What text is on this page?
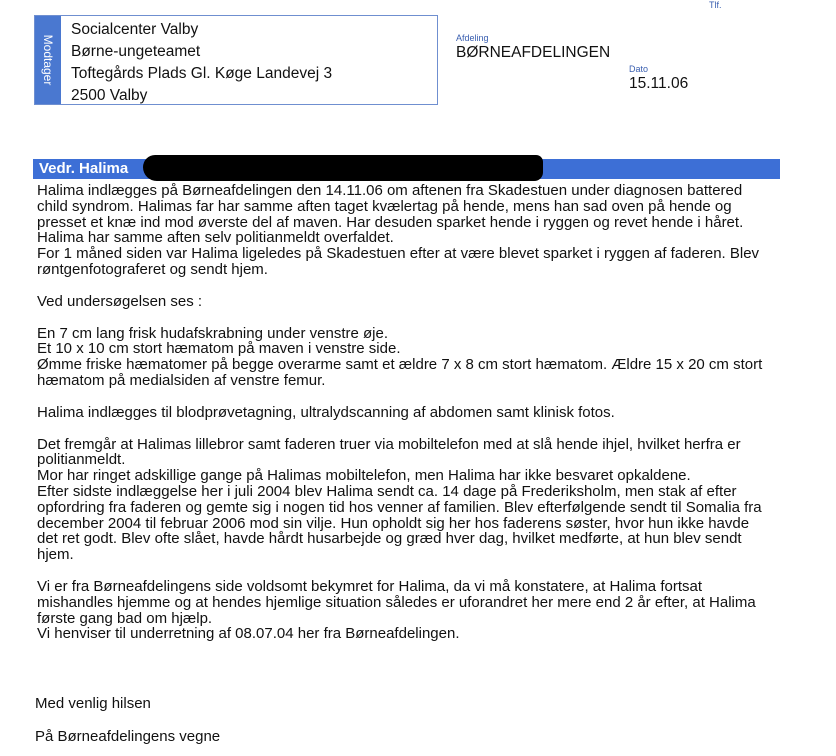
Tlf.
Modtager
Socialcenter Valby
Børne-ungeteamet
Toftegårds Plads Gl. Køge Landevej 3
2500 Valby
Afdeling
BØRNEAFDELINGEN
Dato
15.11.06
Vedr. Halima

Halima indlægges på Børneafdelingen den 14.11.06 om aftenen fra Skadestuen under diagnosen battered child syndrom. Halimas far har samme aften taget kvælertag på hende, mens han sad oven på hende og presset et knæ ind mod øverste del af maven. Har desuden sparket hende i ryggen og revet hende i håret. Halima har samme aften selv politianmeldt overfaldet.

For 1 måned siden var Halima ligeledes på Skadestuen efter at være blevet sparket i ryggen af faderen. Blev røntgenfotograferet og sendt hjem.

Ved undersøgelsen ses :

En 7 cm lang frisk hudafskrabning under venstre øje.

Et 10 x 10 cm stort hæmatom på maven i venstre side.

Ømme friske hæmatomer på begge overarme samt et ældre 7 x 8 cm stort hæmatom. Ældre 15 x 20 cm stort hæmatom på medialsiden af venstre femur.

Halima indlægges til blodprøvetagning, ultralydscanning af abdomen samt klinisk fotos.

Det fremgår at Halimas lillebror samt faderen truer via mobiltelefon med at slå hende ihjel, hvilket herfra er politianmeldt.

Mor har ringet adskillige gange på Halimas mobiltelefon, men Halima har ikke besvaret opkaldene.

Efter sidste indlæggelse her i juli 2004 blev Halima sendt ca. 14 dage på Frederiksholm, men stak af efter opfordring fra faderen og gemte sig i nogen tid hos venner af familien. Blev efterfølgende sendt til Somalia fra december 2004 til februar 2006 mod sin vilje. Hun opholdt sig her hos faderens søster, hvor hun ikke havde det ret godt. Blev ofte slået, havde hårdt husarbejde og græd hver dag, hvilket medførte, at hun blev sendt hjem.

Vi er fra Børneafdelingens side voldsomt bekymret for Halima, da vi må konstatere, at Halima fortsat mishandles hjemme og at hendes hjemlige situation således er uforandret her mere end 2 år efter, at Halima første gang bad om hjælp.

Vi henviser til underretning af 08.07.04 her fra Børneafdelingen.

Med venlig hilsen
På Børneafdelingens vegne
